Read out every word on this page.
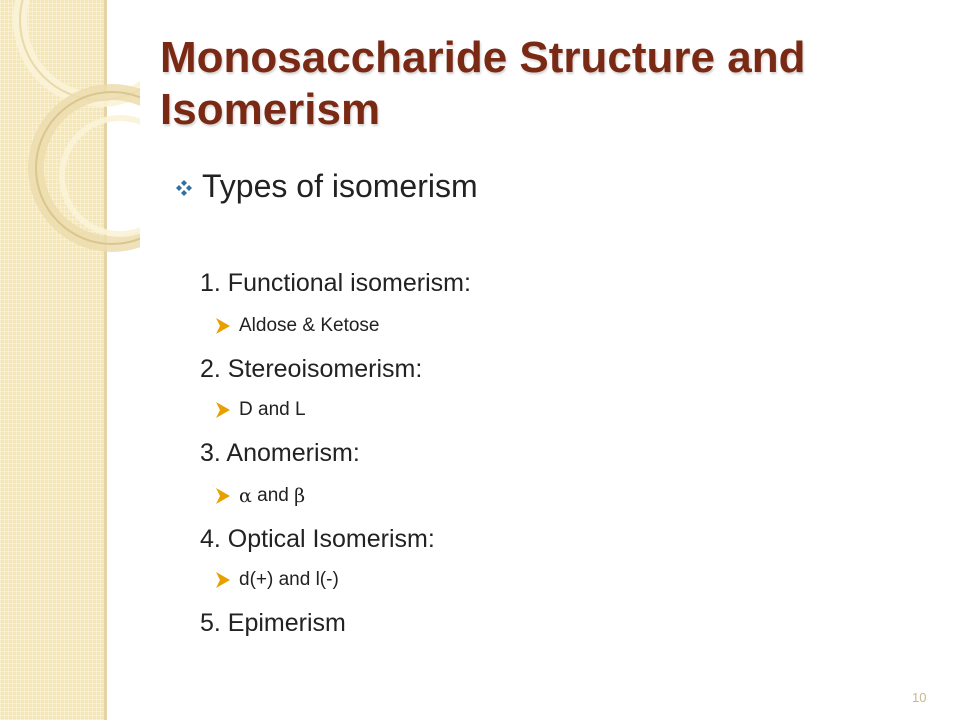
Monosaccharide Structure and Isomerism
Types of isomerism
1. Functional isomerism:
Aldose & Ketose
2. Stereoisomerism:
D and L
3. Anomerism:
α
and
β
4. Optical Isomerism:
d(+) and l(-)
5. Epimerism
10
